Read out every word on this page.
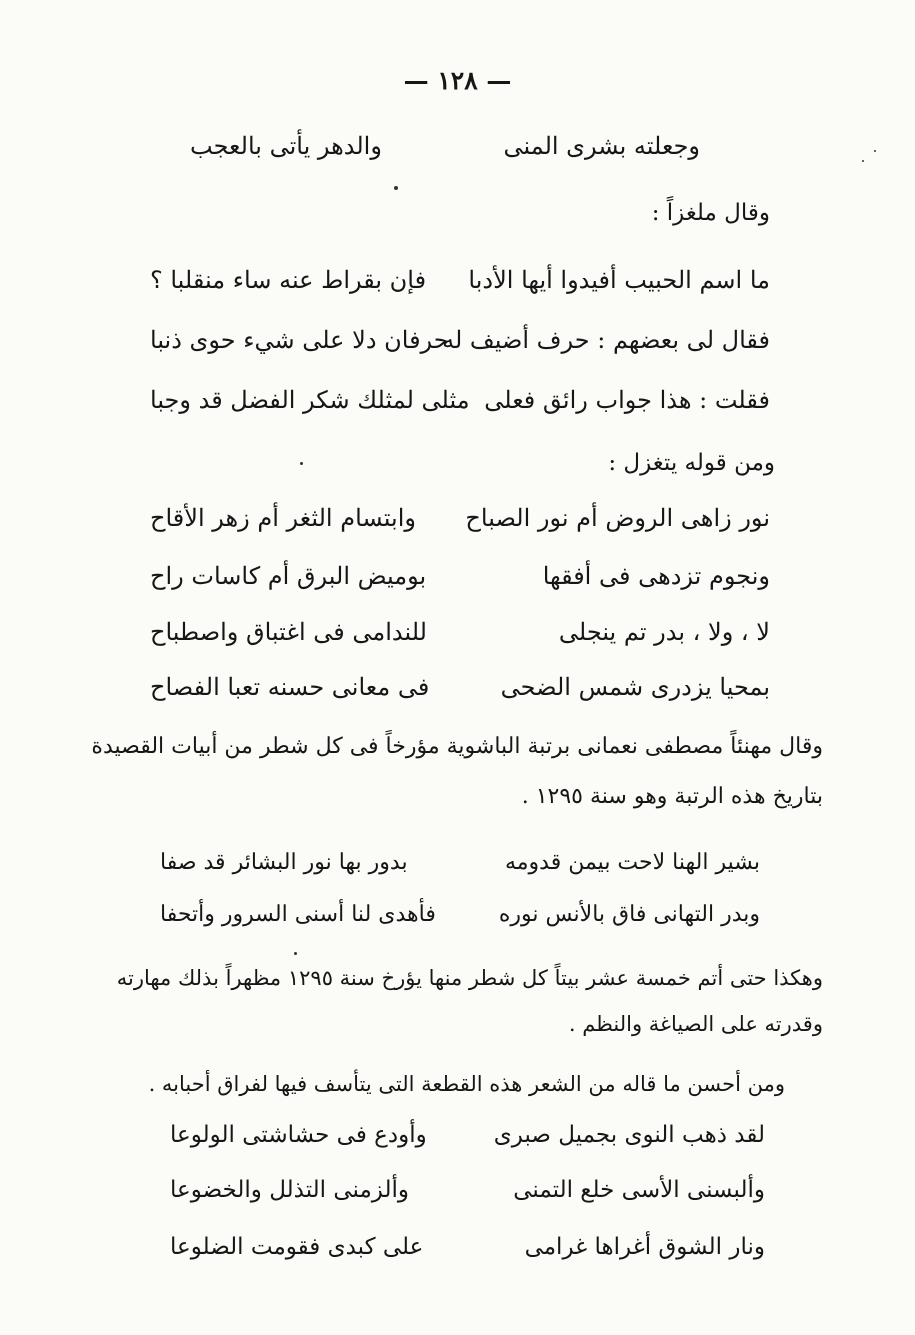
— ١٢٨ —
وجعلته بشرى المنى
والدهر يأتى بالعجب
وقال ملغزاً :
ما اسم الحبيب أفيدوا أيها الأدبا
فإن بقراط عنه ساء منقلبا ؟
فقال لى بعضهم : حرف أضيف له
حرفان دلا على شيء حوى ذنبا
فقلت : هذا جواب رائق فعلى
مثلى لمثلك شكر الفضل قد وجبا
ومن قوله يتغزل :
نور زاهى الروض أم نور الصباح
وابتسام الثغر أم زهر الأقاح
ونجوم تزدهى فى أفقها
بوميض البرق أم كاسات راح
لا ، ولا ، بدر تم ينجلى
للندامى فى اغتباق واصطباح
بمحيا يزدرى شمس الضحى
فى معانى حسنه تعبا الفصاح
وقال مهنئاً مصطفى نعمانى برتبة الباشوية مؤرخاً فى كل شطر من أبيات القصيدة
بتاريخ هذه الرتبة وهو سنة ١٢٩٥ .
بشير الهنا لاحت بيمن قدومه
بدور بها نور البشائر قد صفا
وبدر التهانى فاق بالأنس نوره
فأهدى لنا أسنى السرور وأتحفا
وهكذا حتى أتم خمسة عشر بيتاً كل شطر منها يؤرخ سنة ١٢٩٥ مظهراً بذلك مهارته
وقدرته على الصياغة والنظم .
ومن أحسن ما قاله من الشعر هذه القطعة التى يتأسف فيها لفراق أحبابه .
لقد ذهب النوى بجميل صبرى
وأودع فى حشاشتى الولوعا
وألبسنى الأسى خلع التمنى
وألزمنى التذلل والخضوعا
ونار الشوق أغراها غرامى
على كبدى فقومت الضلوعا
